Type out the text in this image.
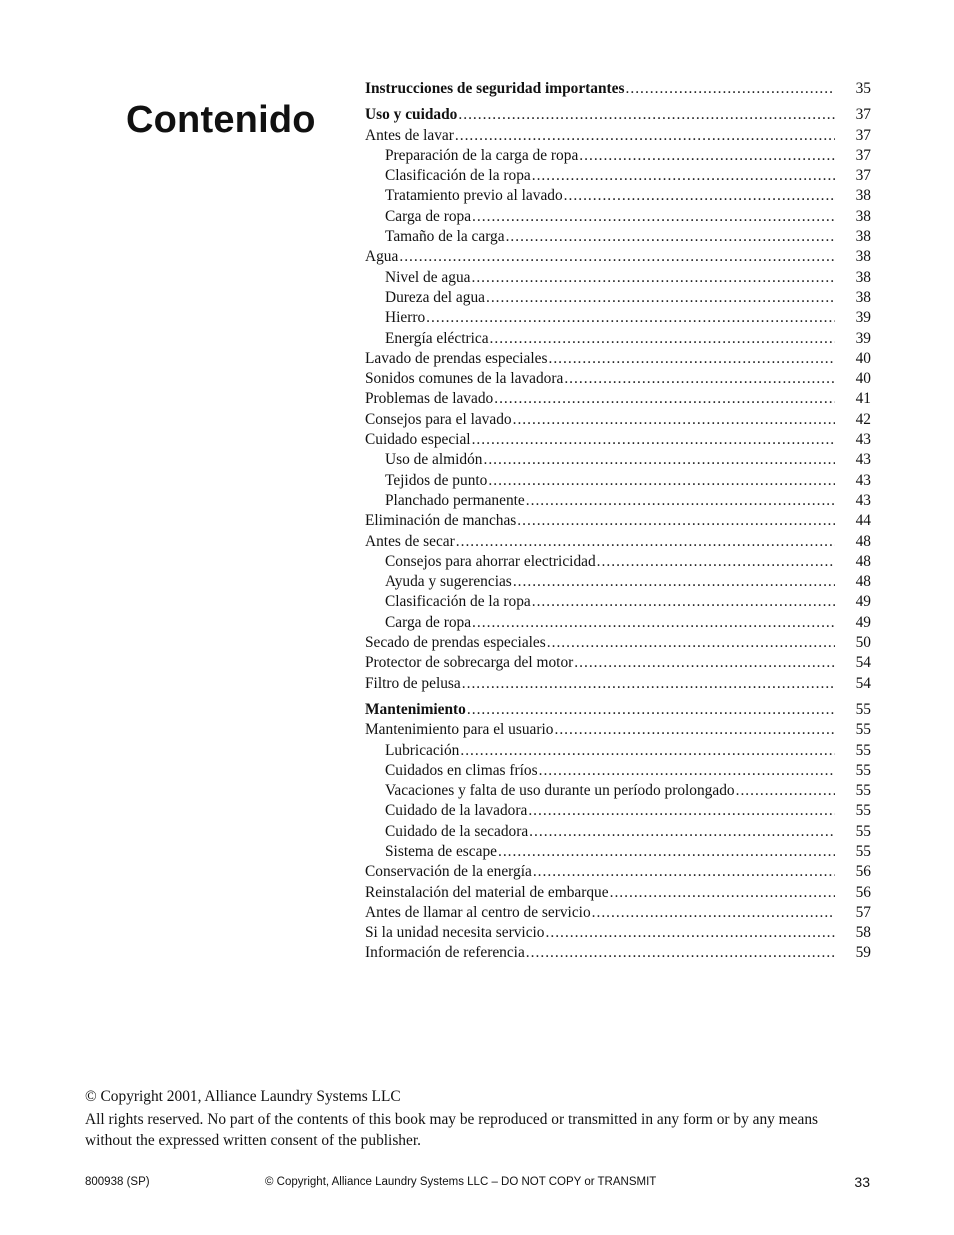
Contenido
Instrucciones de seguridad importantes .....	35
Uso y cuidado .....	37
Antes de lavar .....	37
Preparación de la carga de ropa .....	37
Clasificación de la ropa .....	37
Tratamiento previo al lavado .....	38
Carga de ropa .....	38
Tamaño de la carga .....	38
Agua .....	38
Nivel de agua .....	38
Dureza del agua .....	38
Hierro .....	39
Energía eléctrica .....	39
Lavado de prendas especiales .....	40
Sonidos comunes de la lavadora .....	40
Problemas de lavado .....	41
Consejos para el lavado .....	42
Cuidado especial .....	43
Uso de almidón .....	43
Tejidos de punto .....	43
Planchado permanente .....	43
Eliminación de manchas .....	44
Antes de secar .....	48
Consejos para ahorrar electricidad .....	48
Ayuda y sugerencias .....	48
Clasificación de la ropa .....	49
Carga de ropa .....	49
Secado de prendas especiales .....	50
Protector de sobrecarga del motor .....	54
Filtro de pelusa .....	54
Mantenimiento .....	55
Mantenimiento para el usuario .....	55
Lubricación .....	55
Cuidados en climas fríos .....	55
Vacaciones y falta de uso durante un período prolongado .....	55
Cuidado de la lavadora .....	55
Cuidado de la secadora .....	55
Sistema de escape .....	55
Conservación de la energía .....	56
Reinstalación del material de embarque .....	56
Antes de llamar al centro de servicio .....	57
Si la unidad necesita servicio .....	58
Información de referencia .....	59

© Copyright 2001, Alliance Laundry Systems LLC

All rights reserved. No part of the contents of this book may be reproduced or transmitted in any form or by any means without the expressed written consent of the publisher.

800938 (SP)	© Copyright, Alliance Laundry Systems LLC – DO NOT COPY or TRANSMIT	33
